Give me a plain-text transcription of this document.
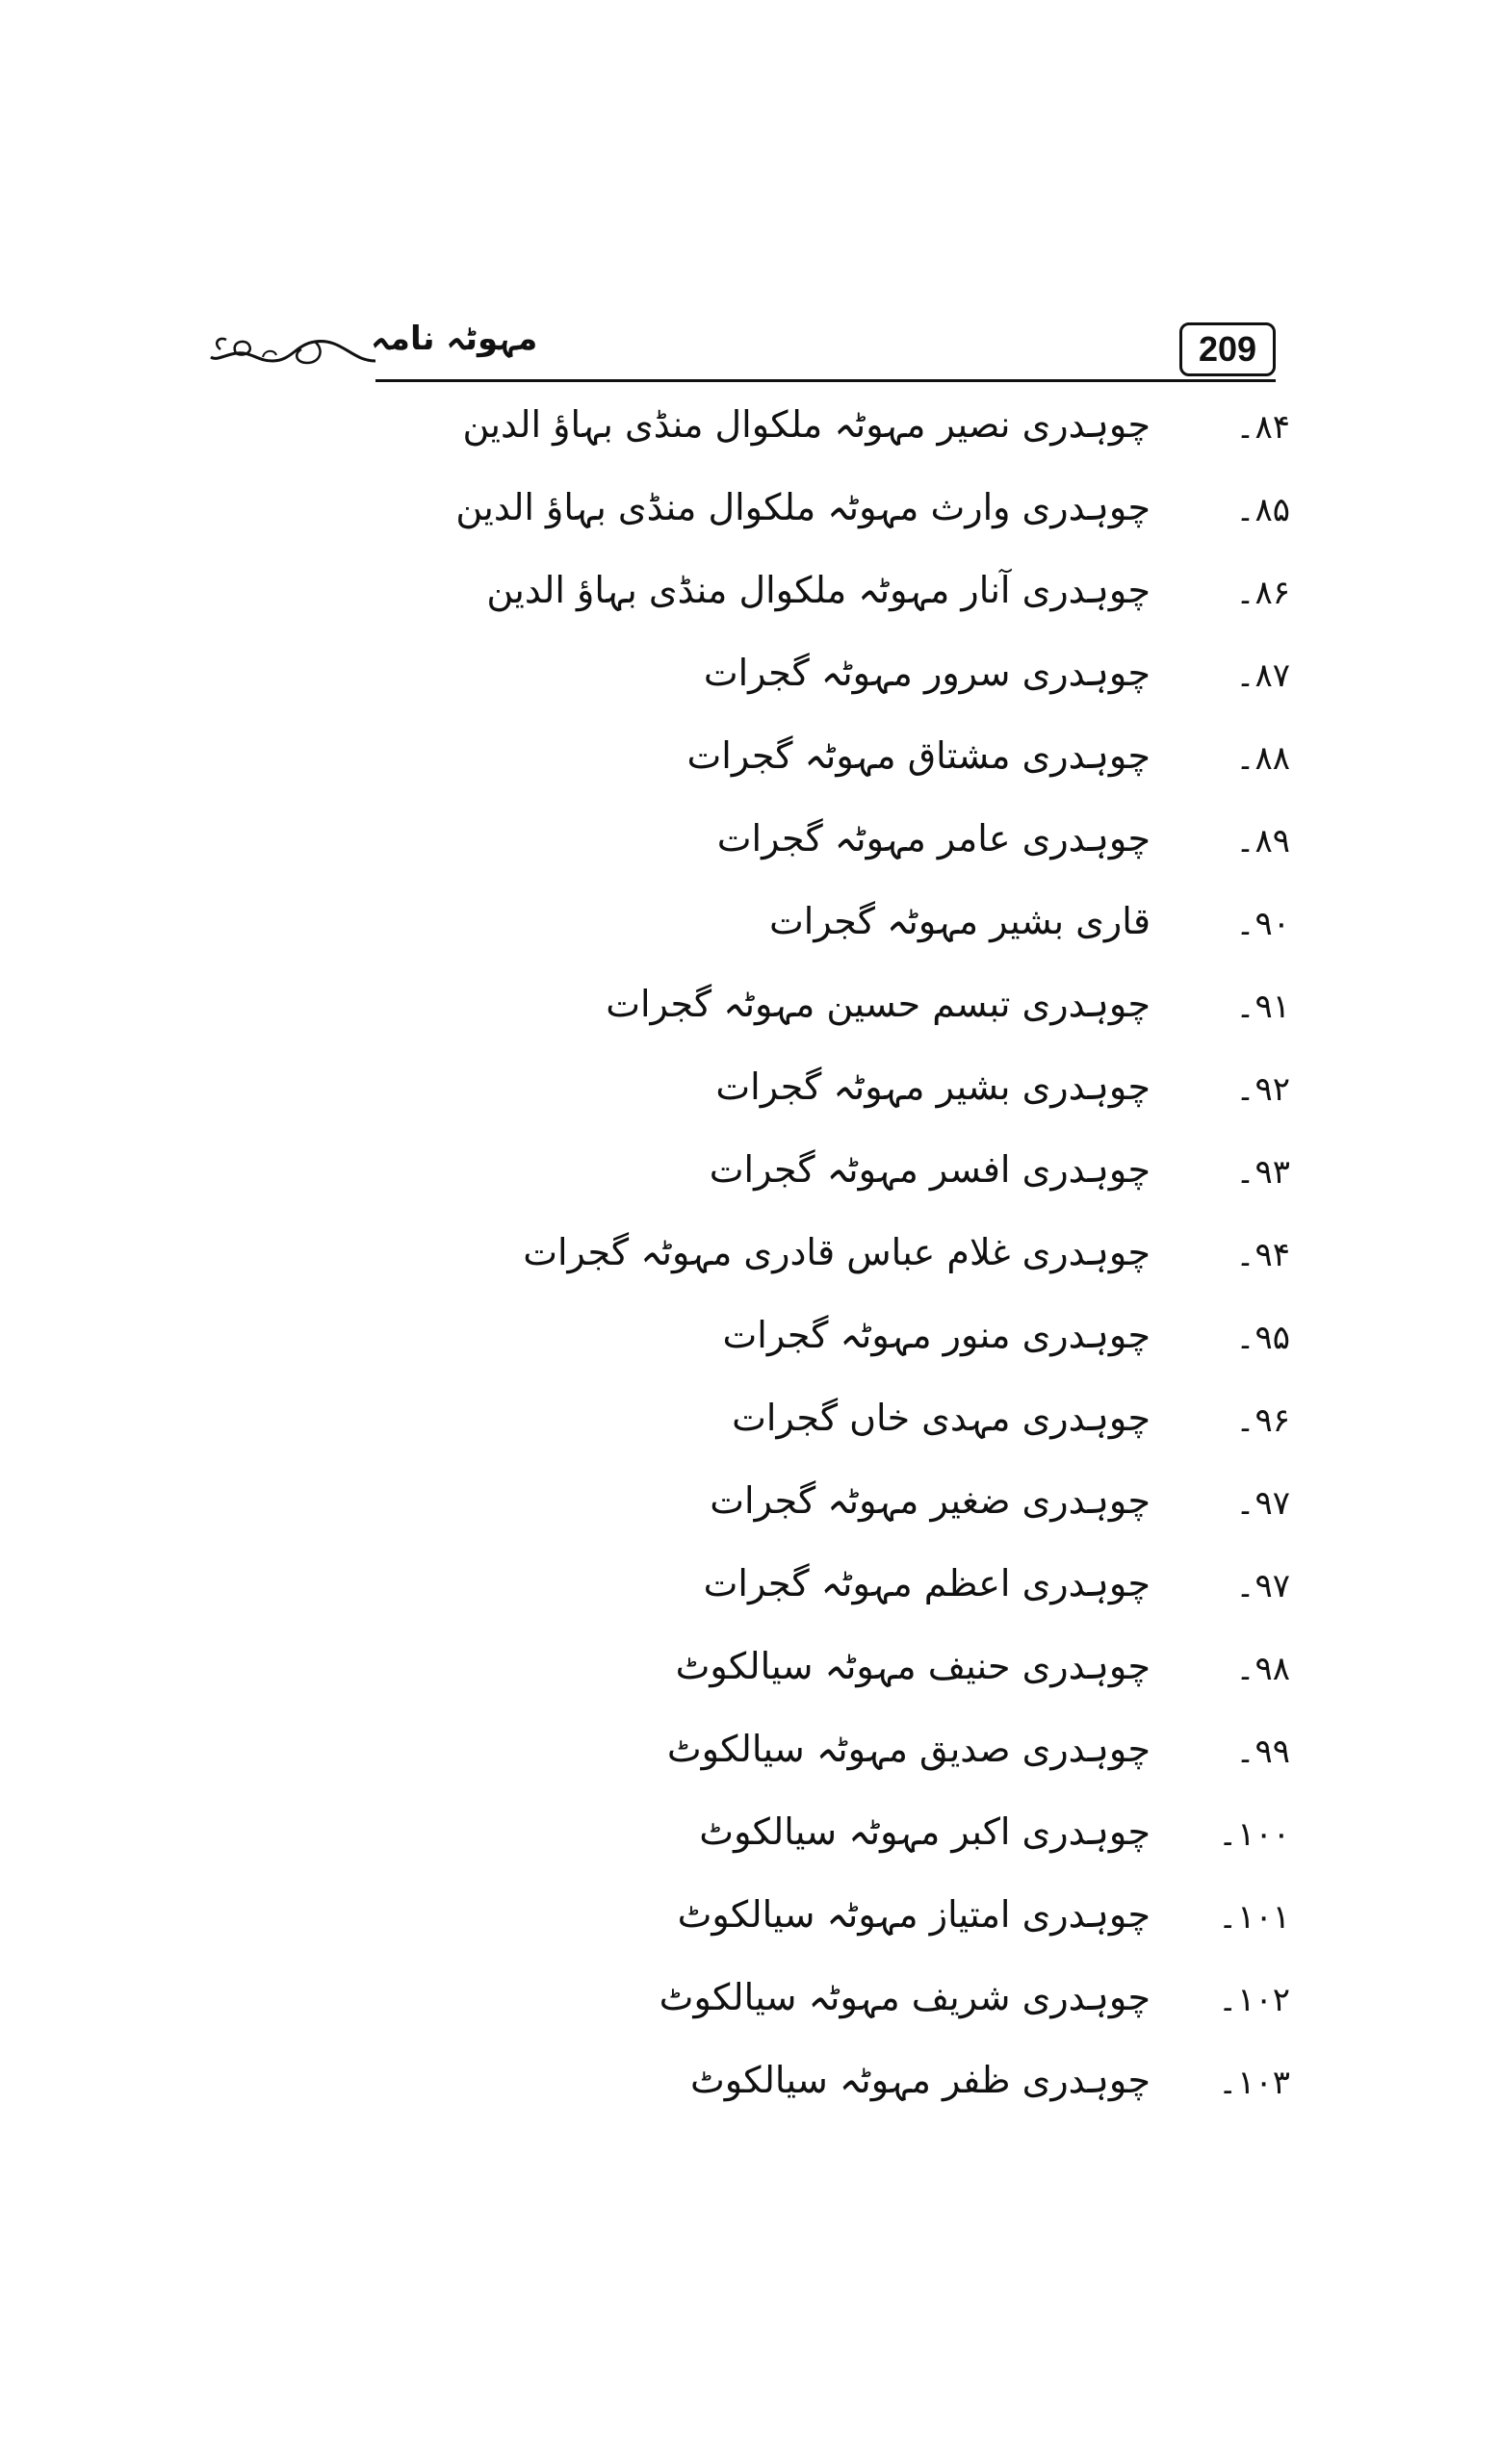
مہوٹہ نامہ	209
۸۴۔
چوہدری نصیر مہوٹہ ملکوال منڈی بہاؤ الدین
۸۵۔
چوہدری وارث مہوٹہ ملکوال منڈی بہاؤ الدین
۸۶۔
چوہدری آنار مہوٹہ ملکوال منڈی بہاؤ الدین
۸۷۔
چوہدری سرور مہوٹہ گجرات
۸۸۔
چوہدری مشتاق مہوٹہ گجرات
۸۹۔
چوہدری عامر مہوٹہ گجرات
۹۰۔
قاری بشیر مہوٹہ گجرات
۹۱۔
چوہدری تبسم حسین مہوٹہ گجرات
۹۲۔
چوہدری بشیر مہوٹہ گجرات
۹۳۔
چوہدری افسر مہوٹہ گجرات
۹۴۔
چوہدری غلام عباس قادری مہوٹہ گجرات
۹۵۔
چوہدری منور مہوٹہ گجرات
۹۶۔
چوہدری مہدی خاں گجرات
۹۷۔
چوہدری ضغیر مہوٹہ گجرات
۹۷۔
چوہدری اعظم مہوٹہ گجرات
۹۸۔
چوہدری حنیف مہوٹہ سیالکوٹ
۹۹۔
چوہدری صدیق مہوٹہ سیالکوٹ
۱۰۰۔
چوہدری اکبر مہوٹہ سیالکوٹ
۱۰۱۔
چوہدری امتیاز مہوٹہ سیالکوٹ
۱۰۲۔
چوہدری شریف مہوٹہ سیالکوٹ
۱۰۳۔
چوہدری ظفر مہوٹہ سیالکوٹ
